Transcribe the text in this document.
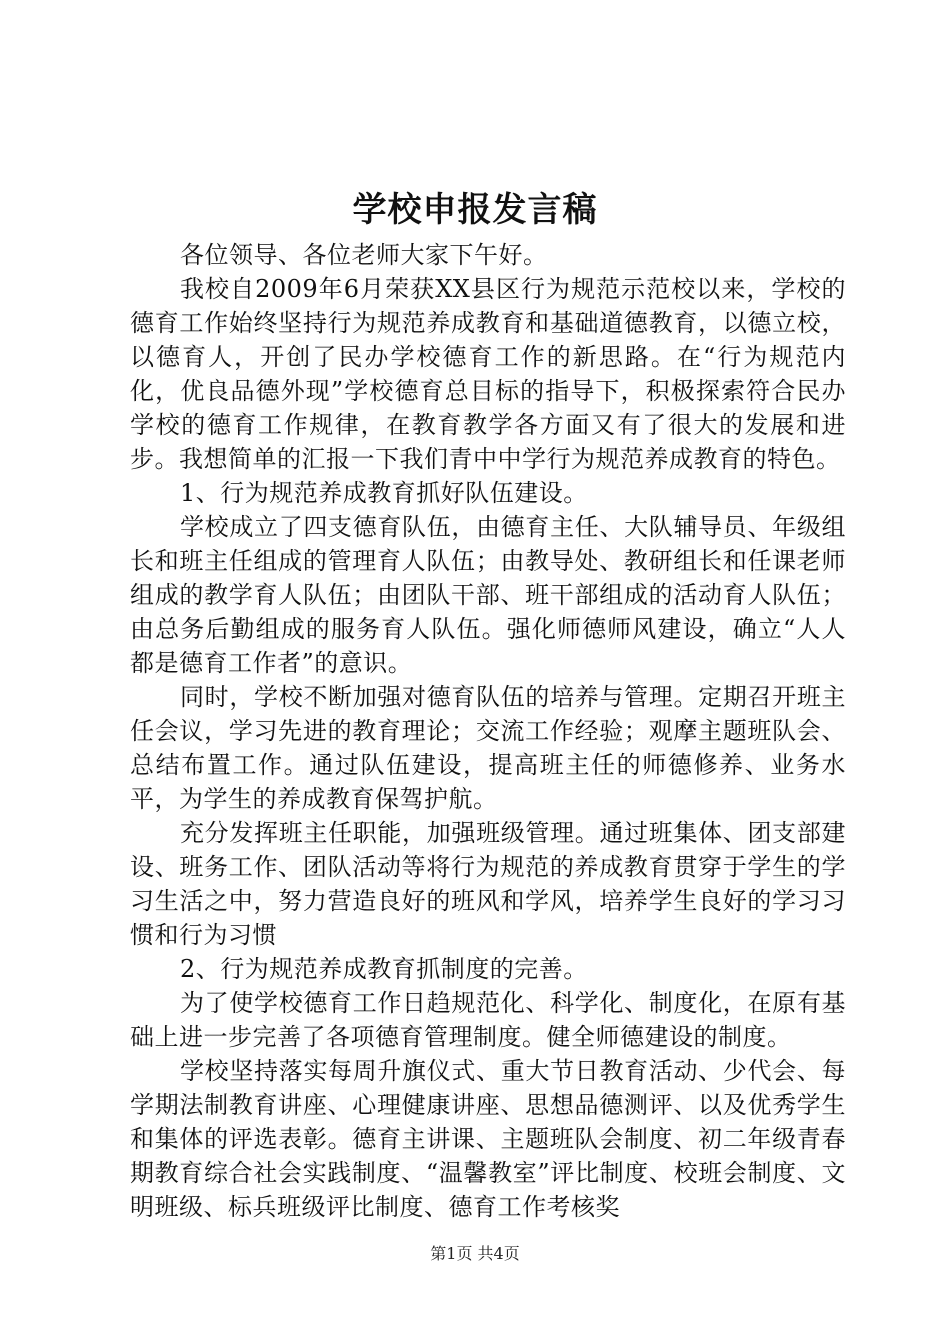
学校申报发言稿

各位领导、各位老师大家下午好。

我校自2009年6月荣获XX县区行为规范示范校以来，学校的德育工作始终坚持行为规范养成教育和基础道德教育，以德立校，以德育人，开创了民办学校德育工作的新思路。在“行为规范内化，优良品德外现”学校德育总目标的指导下，积极探索符合民办学校的德育工作规律，在教育教学各方面又有了很大的发展和进步。我想简单的汇报一下我们青中中学行为规范养成教育的特色。

1、行为规范养成教育抓好队伍建设。

学校成立了四支德育队伍，由德育主任、大队辅导员、年级组长和班主任组成的管理育人队伍；由教导处、教研组长和任课老师组成的教学育人队伍；由团队干部、班干部组成的活动育人队伍；由总务后勤组成的服务育人队伍。强化师德师风建设，确立“人人都是德育工作者”的意识。

同时，学校不断加强对德育队伍的培养与管理。定期召开班主任会议，学习先进的教育理论；交流工作经验；观摩主题班队会、总结布置工作。通过队伍建设，提高班主任的师德修养、业务水平，为学生的养成教育保驾护航。

充分发挥班主任职能，加强班级管理。通过班集体、团支部建设、班务工作、团队活动等将行为规范的养成教育贯穿于学生的学习生活之中，努力营造良好的班风和学风，培养学生良好的学习习惯和行为习惯

2、行为规范养成教育抓制度的完善。

为了使学校德育工作日趋规范化、科学化、制度化，在原有基础上进一步完善了各项德育管理制度。健全师德建设的制度。

学校坚持落实每周升旗仪式、重大节日教育活动、少代会、每学期法制教育讲座、心理健康讲座、思想品德测评、以及优秀学生和集体的评选表彰。德育主讲课、主题班队会制度、初二年级青春期教育综合社会实践制度、“温馨教室”评比制度、校班会制度、文明班级、标兵班级评比制度、德育工作考核奖

第1页 共4页
